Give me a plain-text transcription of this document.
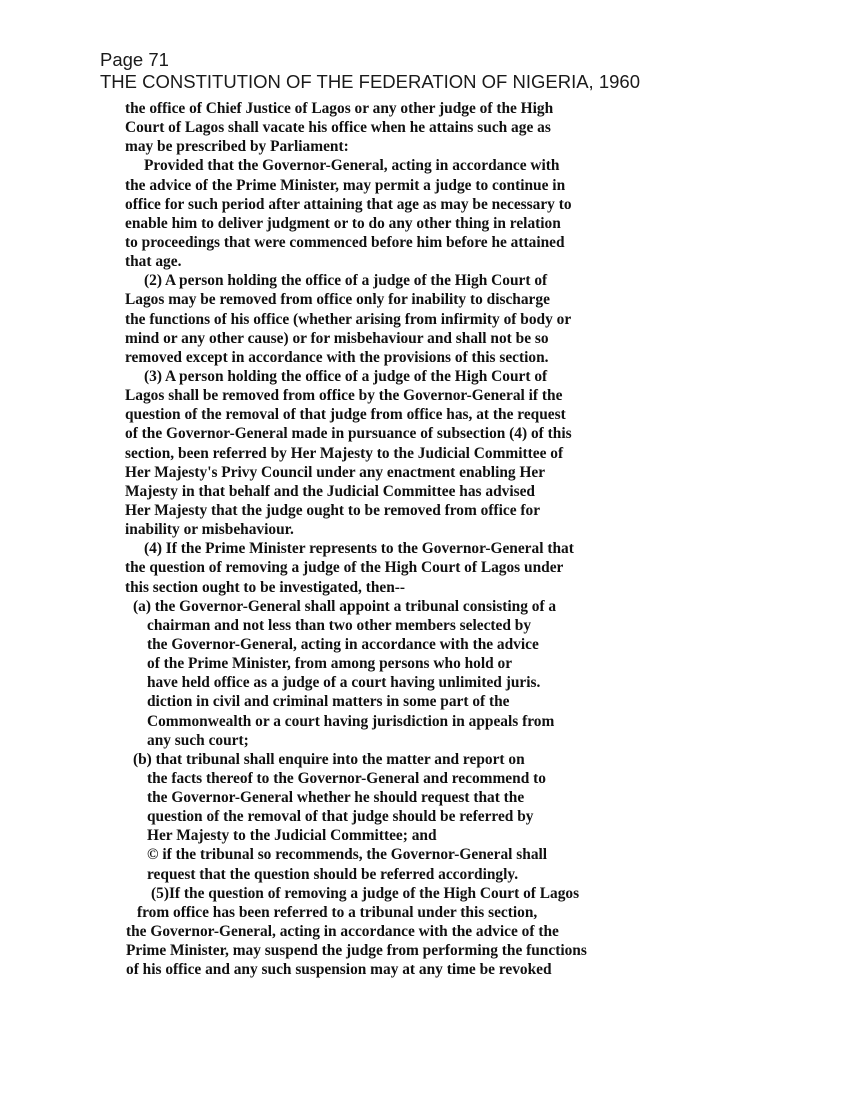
Page 71
THE CONSTITUTION OF THE FEDERATION OF NIGERIA, 1960
the office of Chief Justice of Lagos or any other judge of the High
Court of Lagos shall vacate his office when he attains such age as
may be prescribed by Parliament:
Provided that the Governor-General, acting in accordance with
the advice of the Prime Minister, may permit a judge to continue in
office for such period after attaining that age as may be necessary to
enable him to deliver judgment or to do any other thing in relation
to proceedings that were commenced before him before he attained
that age.
(2) A person holding the office of a judge of the High Court of
Lagos may be removed from office only for inability to discharge
the functions of his office (whether arising from infirmity of body or
mind or any other cause) or for misbehaviour and shall not be so
removed except in accordance with the provisions of this section.
(3) A person holding the office of a judge of the High Court of
Lagos shall be removed from office by the Governor-General if the
question of the removal of that judge from office has, at the request
of the Governor-General made in pursuance of subsection (4) of this
section, been referred by Her Majesty to the Judicial Committee of
Her Majesty's Privy Council under any enactment enabling Her
Majesty in that behalf and the Judicial Committee has advised
Her Majesty that the judge ought to be removed from office for
inability or misbehaviour.
(4) If the Prime Minister represents to the Governor-General that
the question of removing a judge of the High Court of Lagos under
this section ought to be investigated, then--
(a) the Governor-General shall appoint a tribunal consisting of a
chairman and not less than two other members selected by
the Governor-General, acting in accordance with the advice
of the Prime Minister, from among persons who hold or
have held office as a judge of a court having unlimited juris.
diction in civil and criminal matters in some part of the
Commonwealth or a court having jurisdiction in appeals from
any such court;
(b) that tribunal shall enquire into the matter and report on
the facts thereof to the Governor-General and recommend to
the Governor-General whether he should request that the
question of the removal of that judge should be referred by
Her Majesty to the Judicial Committee; and
© if the tribunal so recommends, the Governor-General shall
request that the question should be referred accordingly.
(5)If the question of removing a judge of the High Court of Lagos
from office has been referred to a tribunal under this section,
the Governor-General, acting in accordance with the advice of the
Prime Minister, may suspend the judge from performing the functions
of his office and any such suspension may at any time be revoked
